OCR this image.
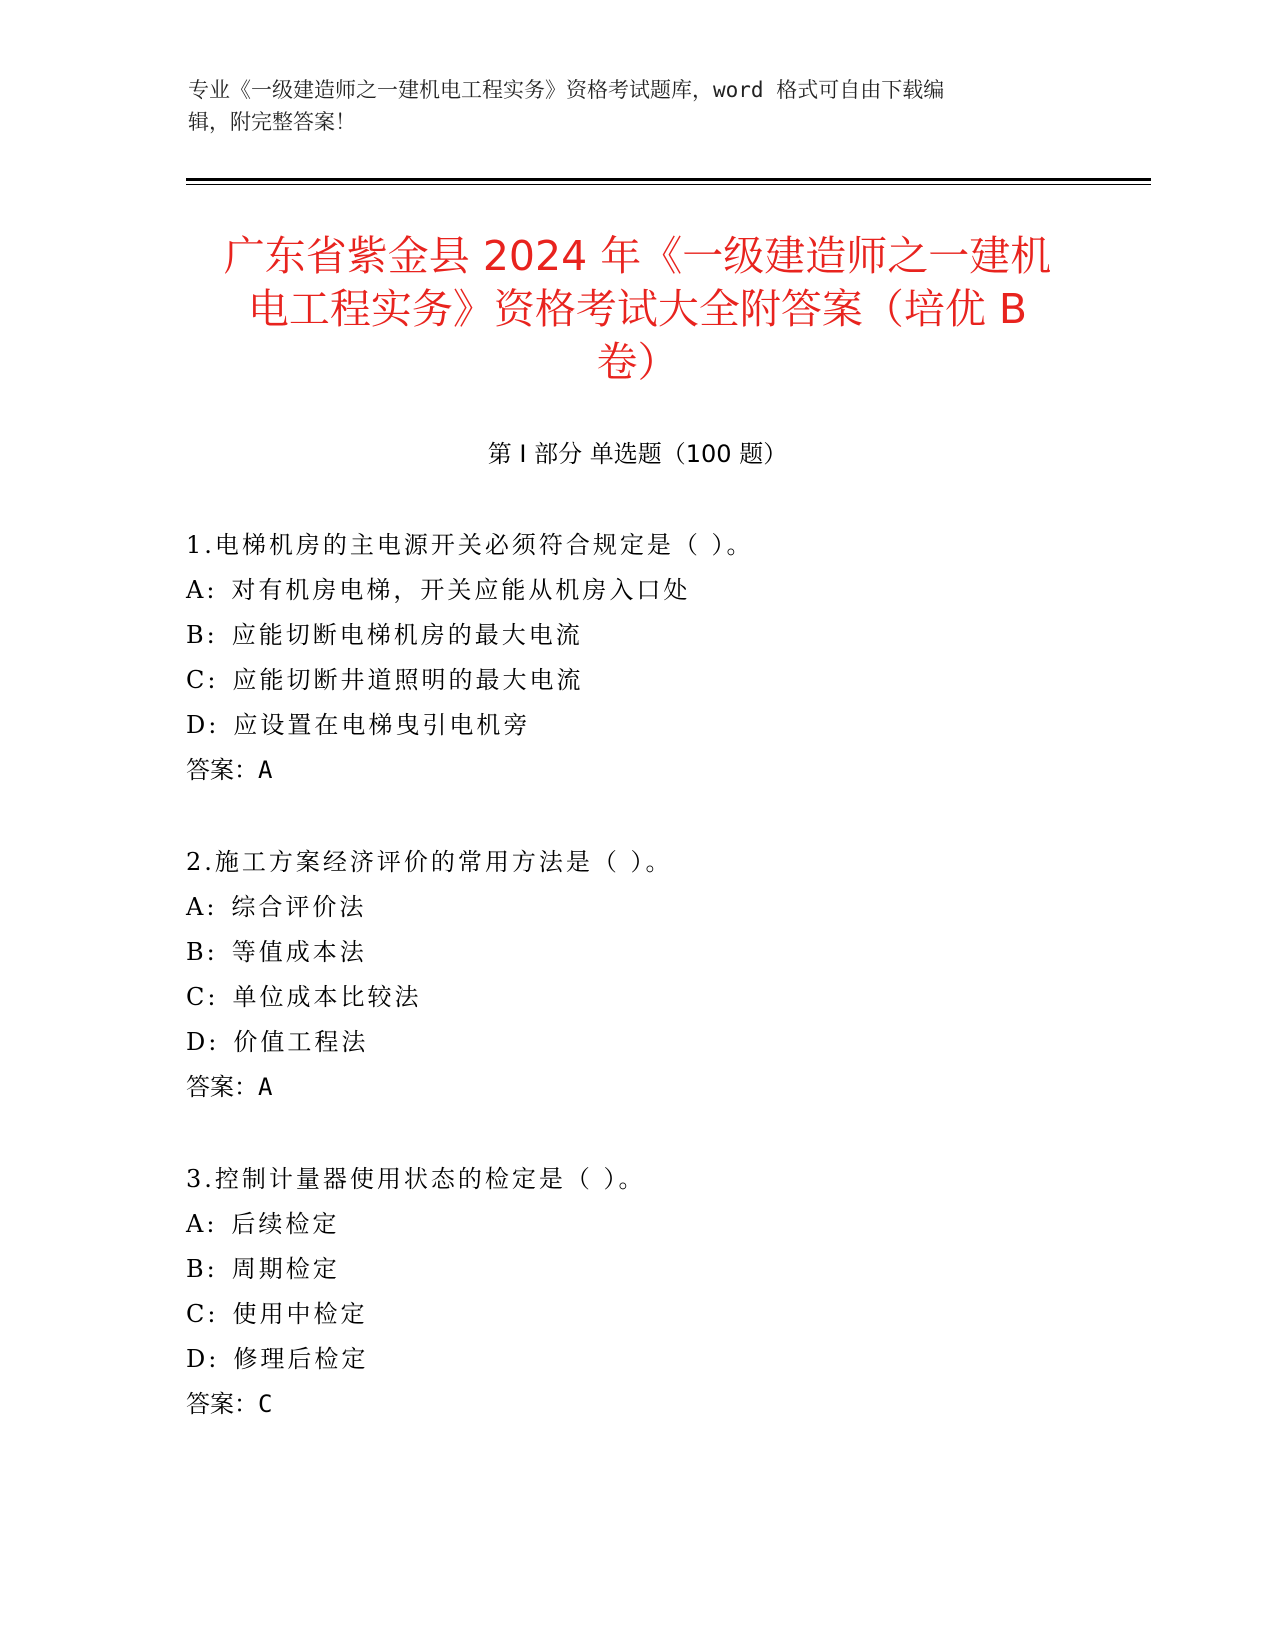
专业《一级建造师之一建机电工程实务》资格考试题库，word 格式可自由下载编
辑，附完整答案！
广东省紫金县 2024 年《一级建造师之一建机
电工程实务》资格考试大全附答案（培优 B
卷）
第 I 部分 单选题（100 题）
1.电梯机房的主电源开关必须符合规定是（ ）。
A: 对有机房电梯，开关应能从机房入口处
B: 应能切断电梯机房的最大电流
C: 应能切断井道照明的最大电流
D: 应设置在电梯曳引电机旁
答案：A
2.施工方案经济评价的常用方法是（ ）。
A: 综合评价法
B: 等值成本法
C: 单位成本比较法
D: 价值工程法
答案：A
3.控制计量器使用状态的检定是（ ）。
A: 后续检定
B: 周期检定
C: 使用中检定
D: 修理后检定
答案：C
